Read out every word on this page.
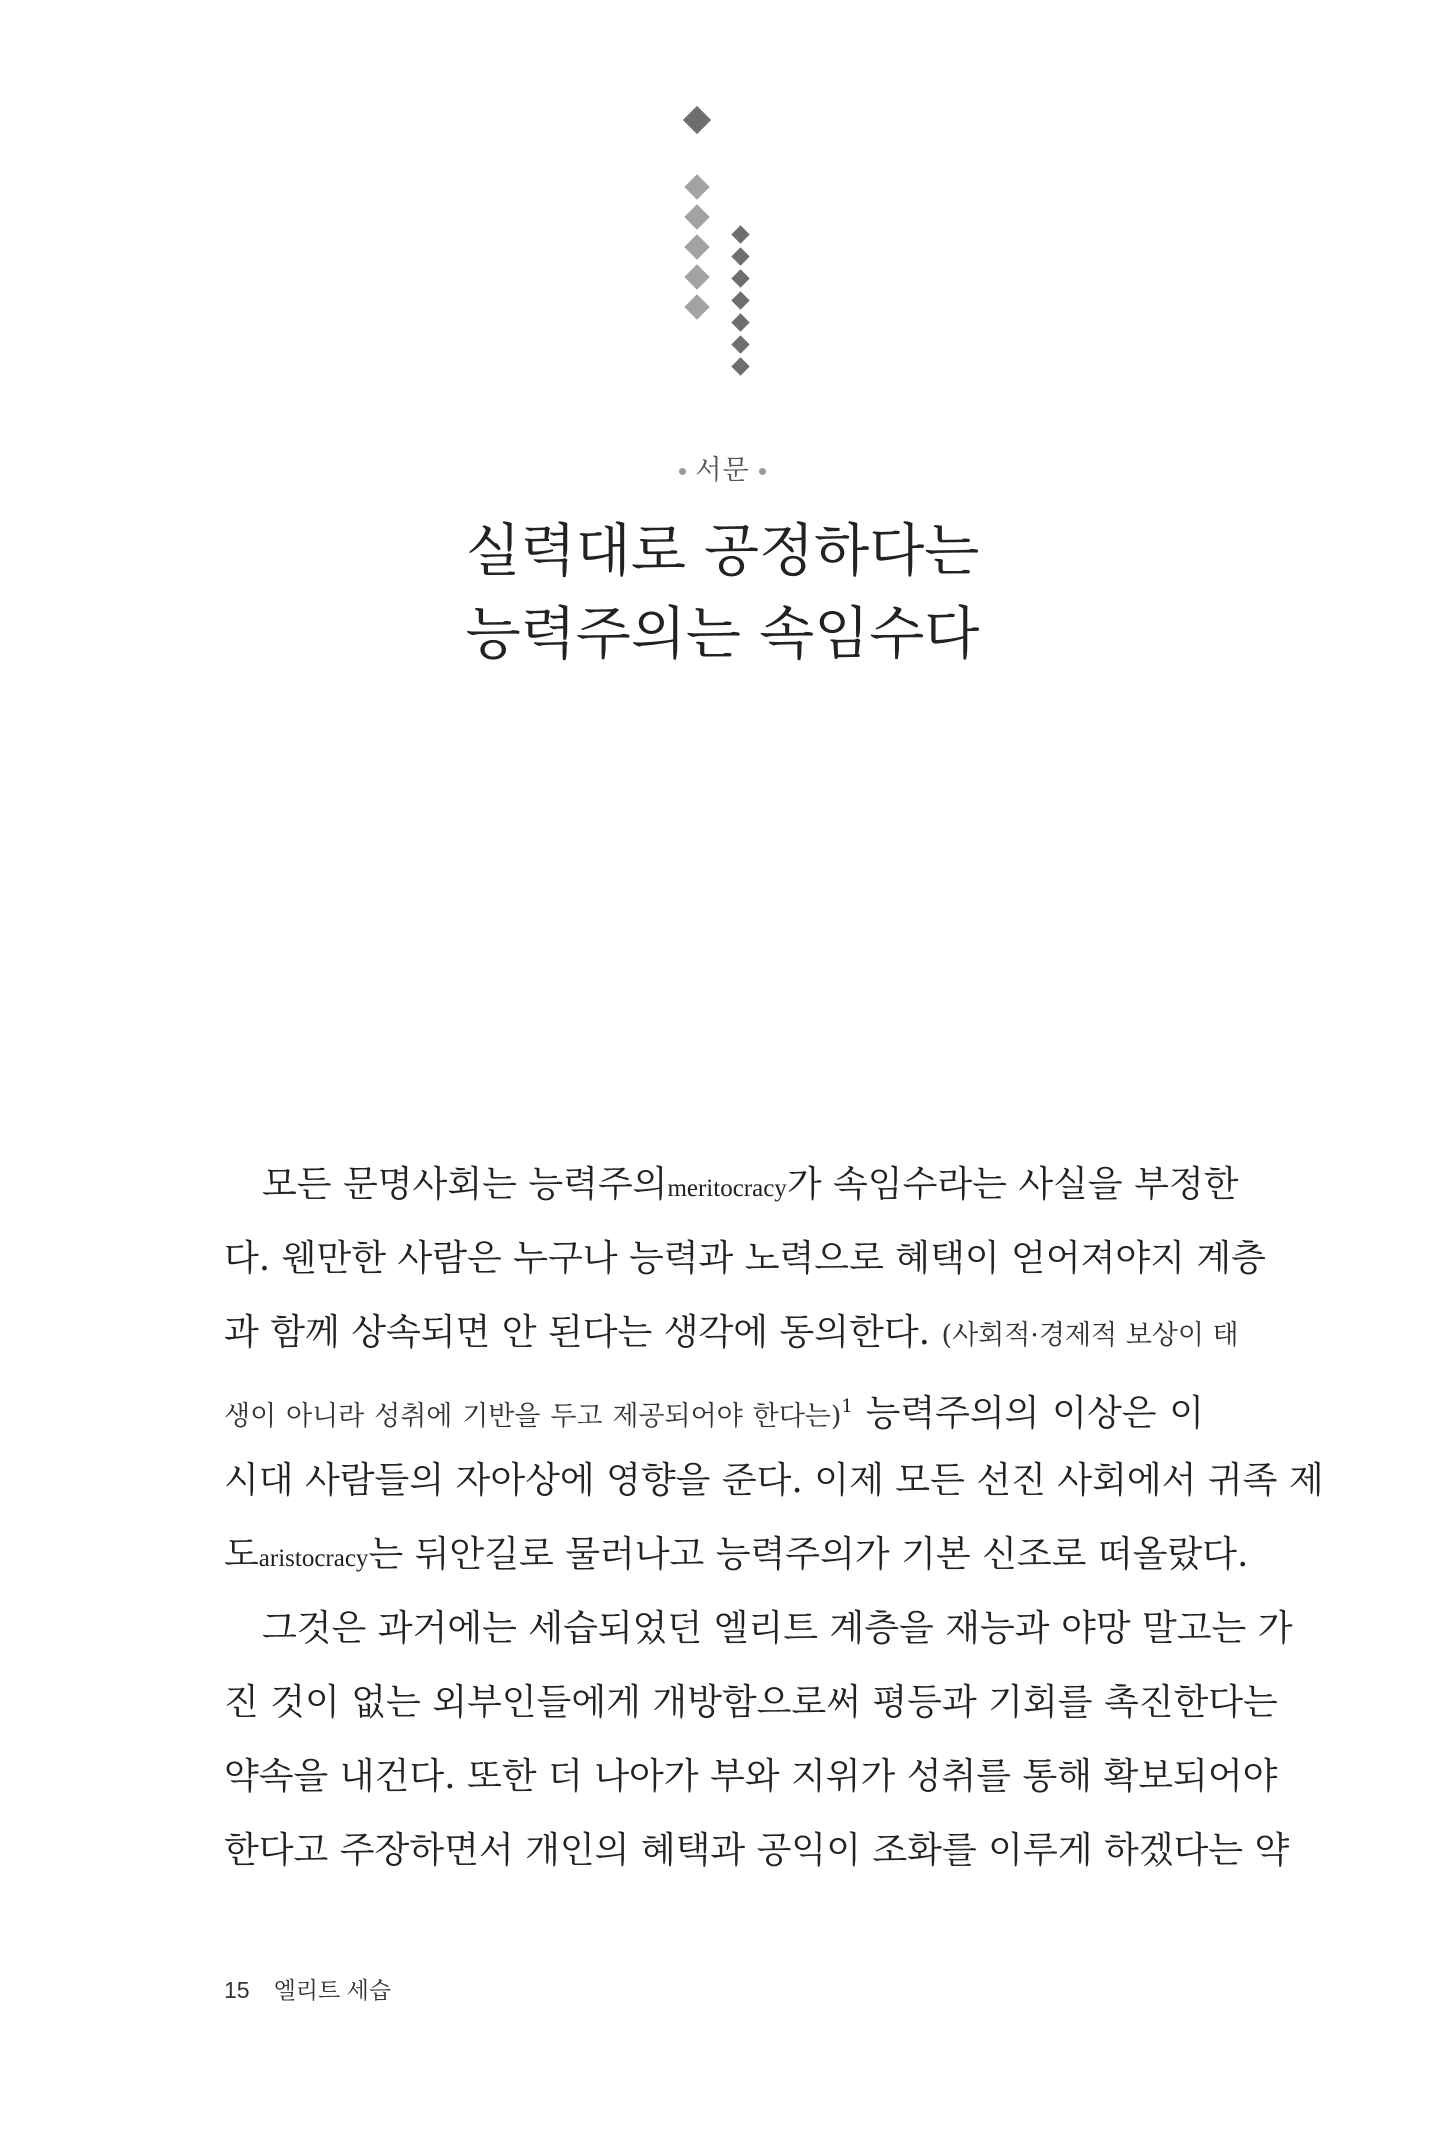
서문
실력대로 공정하다는
능력주의는 속임수다
모든 문명사회는 능력주의meritocracy가 속임수라는 사실을 부정한
다. 웬만한 사람은 누구나 능력과 노력으로 혜택이 얻어져야지 계층
과 함께 상속되면 안 된다는 생각에 동의한다. (사회적·경제적 보상이 태
생이 아니라 성취에 기반을 두고 제공되어야 한다는)$^1$ 능력주의의 이상은 이
시대 사람들의 자아상에 영향을 준다. 이제 모든 선진 사회에서 귀족 제
도aristocracy는 뒤안길로 물러나고 능력주의가 기본 신조로 떠올랐다.
그것은 과거에는 세습되었던 엘리트 계층을 재능과 야망 말고는 가
진 것이 없는 외부인들에게 개방함으로써 평등과 기회를 촉진한다는
약속을 내건다. 또한 더 나아가 부와 지위가 성취를 통해 확보되어야
한다고 주장하면서 개인의 혜택과 공익이 조화를 이루게 하겠다는 약
15 엘리트 세습
